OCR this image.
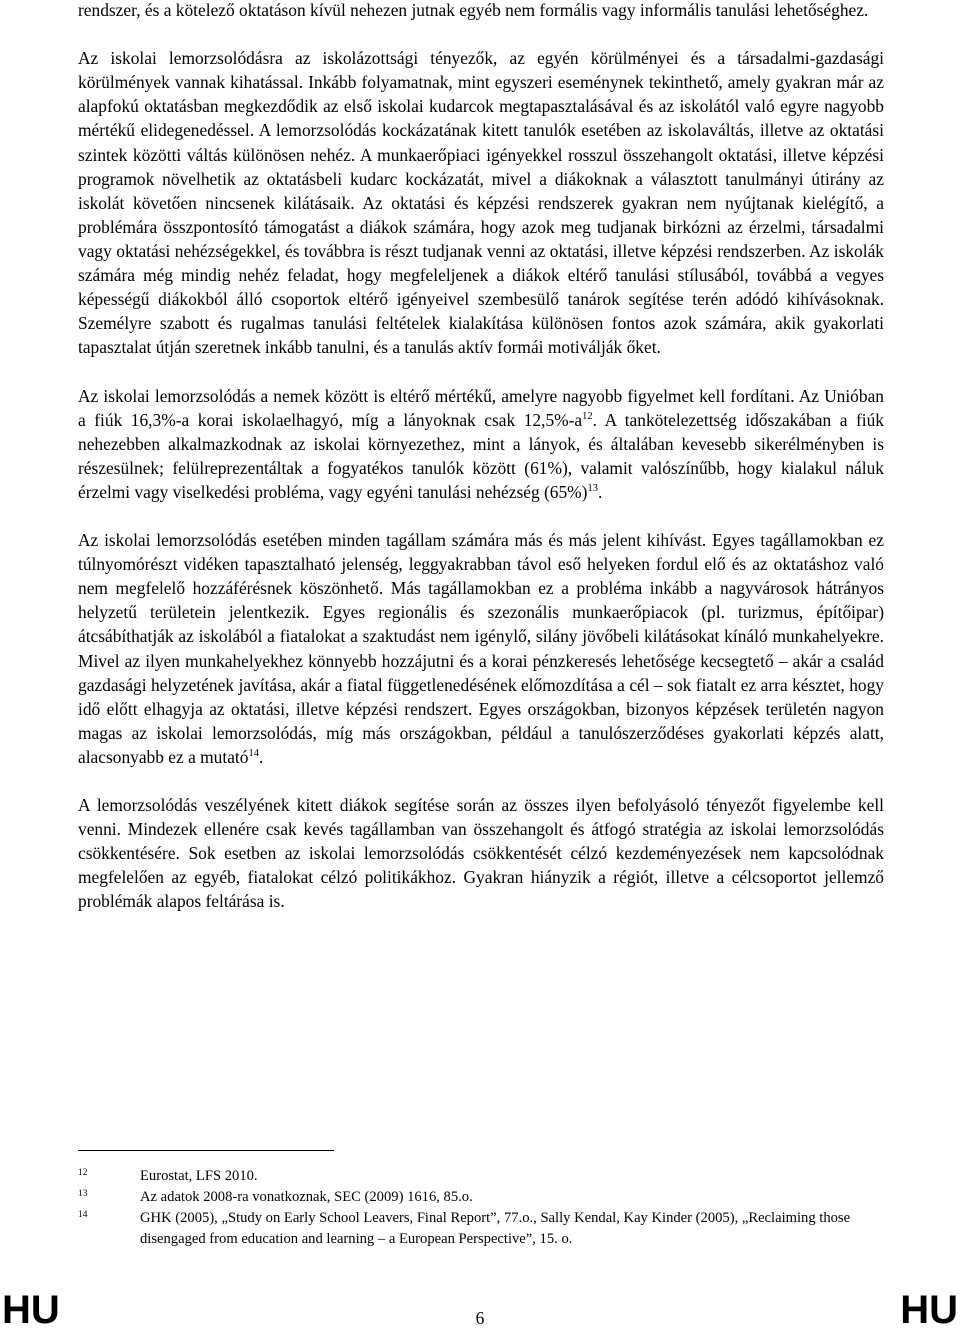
rendszer, és a kötelező oktatáson kívül nehezen jutnak egyéb nem formális vagy informális tanulási lehetőséghez.

Az iskolai lemorzsolódásra az iskolázottsági tényezők, az egyén körülményei és a társadalmi-gazdasági körülmények vannak kihatással. Inkább folyamatnak, mint egyszeri eseménynek tekinthető, amely gyakran már az alapfokú oktatásban megkezdődik az első iskolai kudarcok megtapasztalásával és az iskolától való egyre nagyobb mértékű elidegenedéssel. A lemorzsolódás kockázatának kitett tanulók esetében az iskolaváltás, illetve az oktatási szintek közötti váltás különösen nehéz. A munkaerőpiaci igényekkel rosszul összehangolt oktatási, illetve képzési programok növelhetik az oktatásbeli kudarc kockázatát, mivel a diákoknak a választott tanulmányi útirány az iskolát követően nincsenek kilátásaik. Az oktatási és képzési rendszerek gyakran nem nyújtanak kielégítő, a problémára összpontosító támogatást a diákok számára, hogy azok meg tudjanak birkózni az érzelmi, társadalmi vagy oktatási nehézségekkel, és továbbra is részt tudjanak venni az oktatási, illetve képzési rendszerben. Az iskolák számára még mindig nehéz feladat, hogy megfeleljenek a diákok eltérő tanulási stílusából, továbbá a vegyes képességű diákokból álló csoportok eltérő igényeivel szembesülő tanárok segítése terén adódó kihívásoknak. Személyre szabott és rugalmas tanulási feltételek kialakítása különösen fontos azok számára, akik gyakorlati tapasztalat útján szeretnek inkább tanulni, és a tanulás aktív formái motiválják őket.

Az iskolai lemorzsolódás a nemek között is eltérő mértékű, amelyre nagyobb figyelmet kell fordítani. Az Unióban a fiúk 16,3%-a korai iskolaelhagyó, míg a lányoknak csak $12,5\%-a^{12}$. A tankötelezettség időszakában a fiúk nehezebben alkalmazkodnak az iskolai környezethez, mint a lányok, és általában kevesebb sikerélményben is részesülnek; felülreprezentáltak a fogyatékos tanulók között (61%), valamit valószínűbb, hogy kialakul náluk érzelmi vagy viselkedési probléma, vagy egyéni tanulási nehézség $(65\%)^{13}$.

Az iskolai lemorzsolódás esetében minden tagállam számára más és más jelent kihívást. Egyes tagállamokban ez túlnyomórészt vidéken tapasztalható jelenség, leggyakrabban távol eső helyeken fordul elő és az oktatáshoz való nem megfelelő hozzáférésnek köszönhető. Más tagállamokban ez a probléma inkább a nagyvárosok hátrányos helyzetű területein jelentkezik. Egyes regionális és szezonális munkaerőpiacok (pl. turizmus, építőipar) átcsábíthatják az iskolából a fiatalokat a szaktudást nem igénylő, silány jövőbeli kilátásokat kínáló munkahelyekre. Mivel az ilyen munkahelyekhez könnyebb hozzájutni és a korai pénzkeresés lehetősége kecsegtető – akár a család gazdasági helyzetének javítása, akár a fiatal függetlenedésének előmozdítása a cél – sok fiatalt ez arra késztet, hogy idő előtt elhagyja az oktatási, illetve képzési rendszert. Egyes országokban, bizonyos képzések területén nagyon magas az iskolai lemorzsolódás, míg más országokban, például a tanulószerződéses gyakorlati képzés alatt, alacsonyabb ez a mutató$^{14}$.

A lemorzsolódás veszélyének kitett diákok segítése során az összes ilyen befolyásoló tényezőt figyelembe kell venni. Mindezek ellenére csak kevés tagállamban van összehangolt és átfogó stratégia az iskolai lemorzsolódás csökkentésére. Sok esetben az iskolai lemorzsolódás csökkentését célzó kezdeményezések nem kapcsolódnak megfelelően az egyéb, fiatalokat célzó politikákhoz. Gyakran hiányzik a régiót, illetve a célcsoportot jellemző problémák alapos feltárása is.

12	Eurostat, LFS 2010.
13	Az adatok 2008-ra vonatkoznak, SEC (2009) 1616, 85.o.
14	GHK (2005), „Study on Early School Leavers, Final Report”, 77.o., Sally Kendal, Kay Kinder (2005), „Reclaiming those disengaged from education and learning – a European Perspective”, 15. o.
HU	6	HU
